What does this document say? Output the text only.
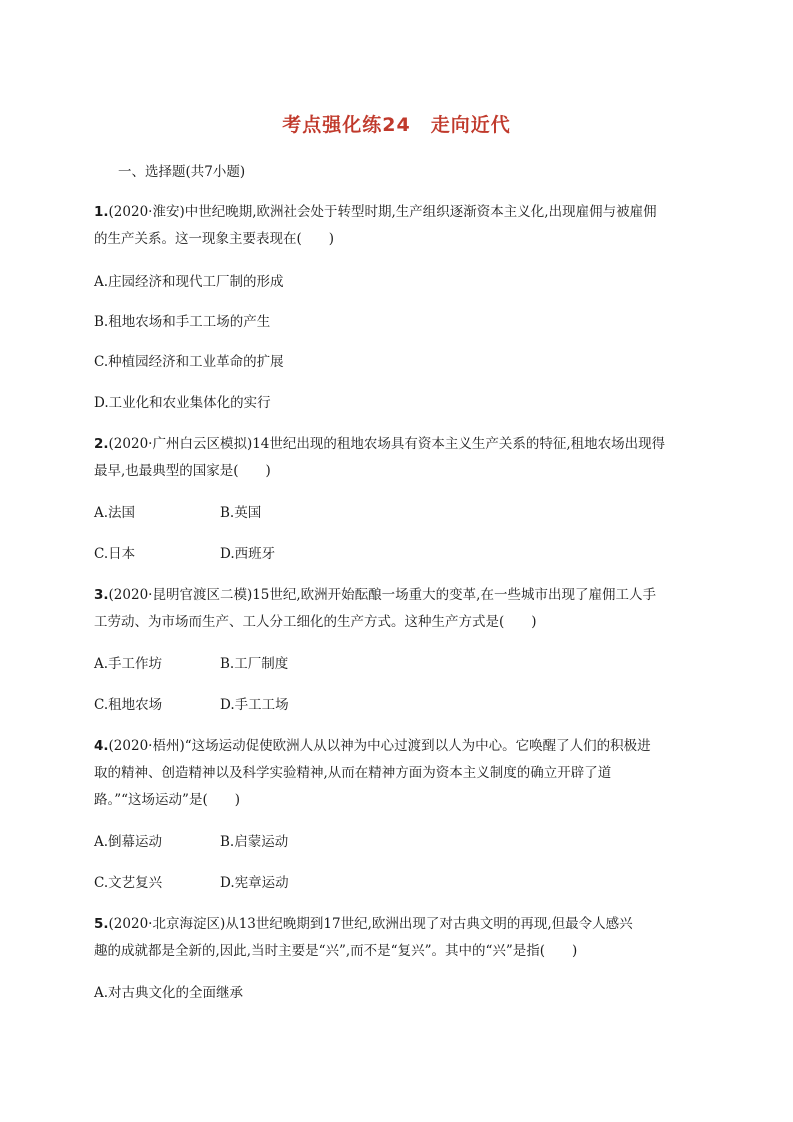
考点强化练24　走向近代
一、选择题(共7小题)
1.(2020·淮安)中世纪晚期,欧洲社会处于转型时期,生产组织逐渐资本主义化,出现雇佣与被雇佣
的生产关系。这一现象主要表现在(　　)
A.庄园经济和现代工厂制的形成
B.租地农场和手工工场的产生
C.种植园经济和工业革命的扩展
D.工业化和农业集体化的实行
2.(2020·广州白云区模拟)14世纪出现的租地农场具有资本主义生产关系的特征,租地农场出现得
最早,也最典型的国家是(　　)
A.法国	B.英国
C.日本	D.西班牙
3.(2020·昆明官渡区二模)15世纪,欧洲开始酝酿一场重大的变革,在一些城市出现了雇佣工人手
工劳动、为市场而生产、工人分工细化的生产方式。这种生产方式是(　　)
A.手工作坊	B.工厂制度
C.租地农场	D.手工工场
4.(2020·梧州)“这场运动促使欧洲人从以神为中心过渡到以人为中心。它唤醒了人们的积极进
取的精神、创造精神以及科学实验精神,从而在精神方面为资本主义制度的确立开辟了道
路。”“这场运动”是(　　)
A.倒幕运动	B.启蒙运动
C.文艺复兴	D.宪章运动
5.(2020·北京海淀区)从13世纪晚期到17世纪,欧洲出现了对古典文明的再现,但最令人感兴
趣的成就都是全新的,因此,当时主要是“兴”,而不是“复兴”。其中的“兴”是指(　　)
A.对古典文化的全面继承
